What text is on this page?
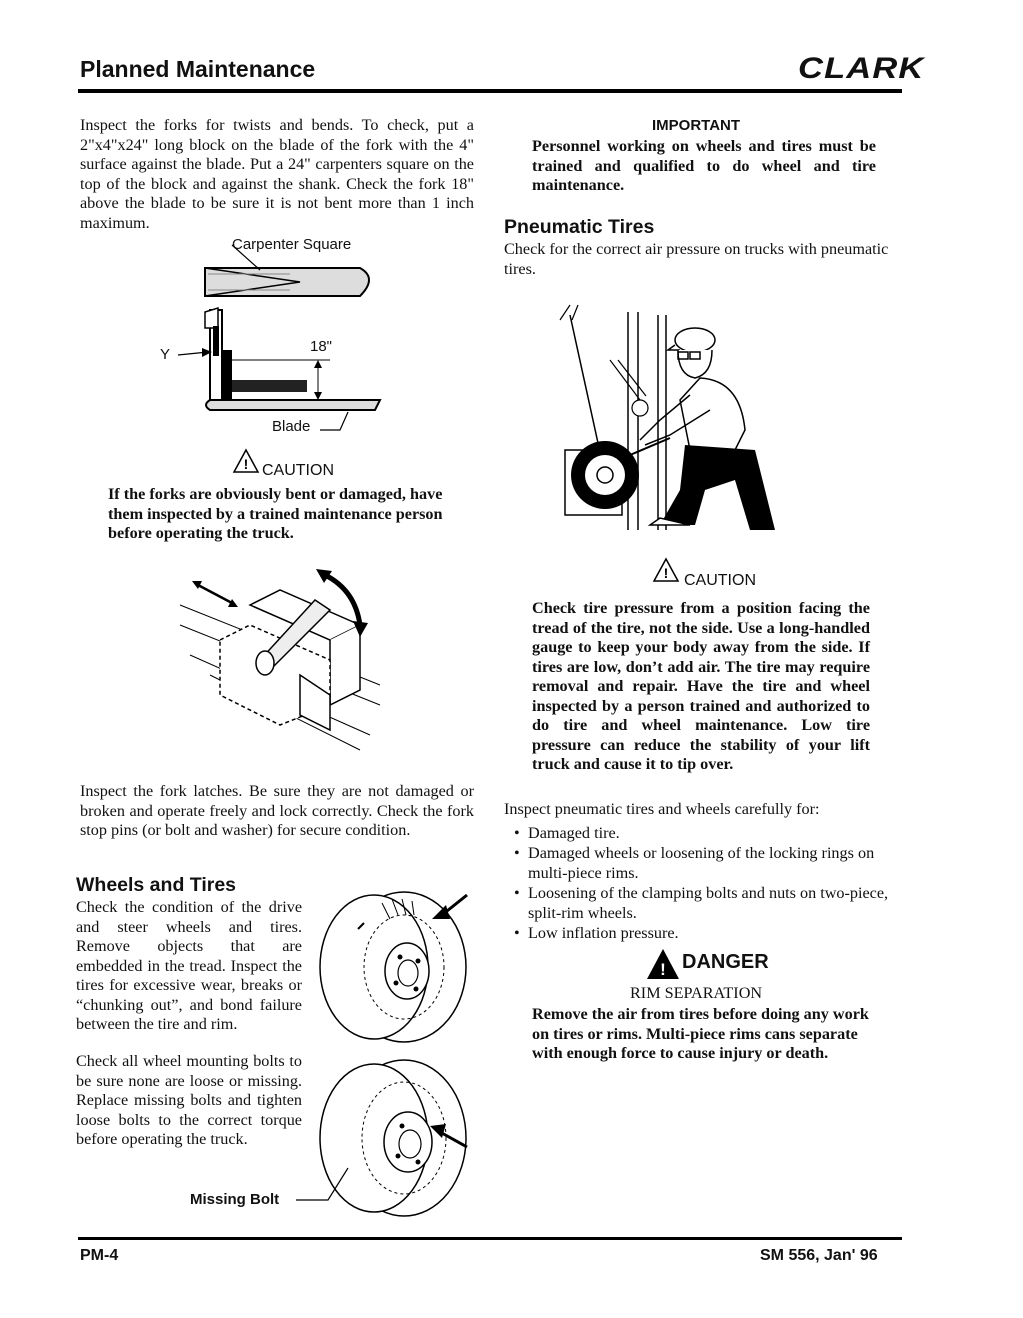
Planned Maintenance	CLARK

Inspect the forks for twists and bends. To check, put a 2"x4"x24" long block on the blade of the fork with the 4" surface against the blade. Put a 24" carpenters square on the top of the block and against the shank. Check the fork 18" above the blade to be sure it is not bent more than 1 inch maximum.

Carpenter Square
Y	18"
Blade
! CAUTION

If the forks are obviously bent or damaged, have them inspected by a trained maintenance person before operating the truck.

Inspect the fork latches. Be sure they are not damaged or broken and operate freely and lock correctly. Check the fork stop pins (or bolt and washer) for secure condition.

Wheels and Tires

Check the condition of the drive and steer wheels and tires. Remove objects that are embedded in the tread. Inspect the tires for excessive wear, breaks or “chunking out”, and bond failure between the tire and rim.

Check all wheel mounting bolts to be sure none are loose or missing. Replace missing bolts and tighten loose bolts to the correct torque before operating the truck.

Missing Bolt
IMPORTANT

Personnel working on wheels and tires must be trained and qualified to do wheel and tire maintenance.

Pneumatic Tires

Check for the correct air pressure on trucks with pneumatic tires.

! CAUTION

Check tire pressure from a position facing the tread of the tire, not the side. Use a long-handled gauge to keep your body away from the side. If tires are low, don’t add air. The tire may require removal and repair. Have the tire and wheel inspected by a person trained and authorized to do tire and wheel maintenance. Low tire pressure can reduce the stability of your lift truck and cause it to tip over.

Inspect pneumatic tires and wheels carefully for:

• Damaged tire.
• Damaged wheels or loosening of the locking rings on multi-piece rims.
• Loosening of the clamping bolts and nuts on two-piece, split-rim wheels.
• Low inflation pressure.
! DANGER
RIM SEPARATION

Remove the air from tires before doing any work on tires or rims. Multi-piece rims cans separate with enough force to cause injury or death.

PM-4	SM 556, Jan' 96
